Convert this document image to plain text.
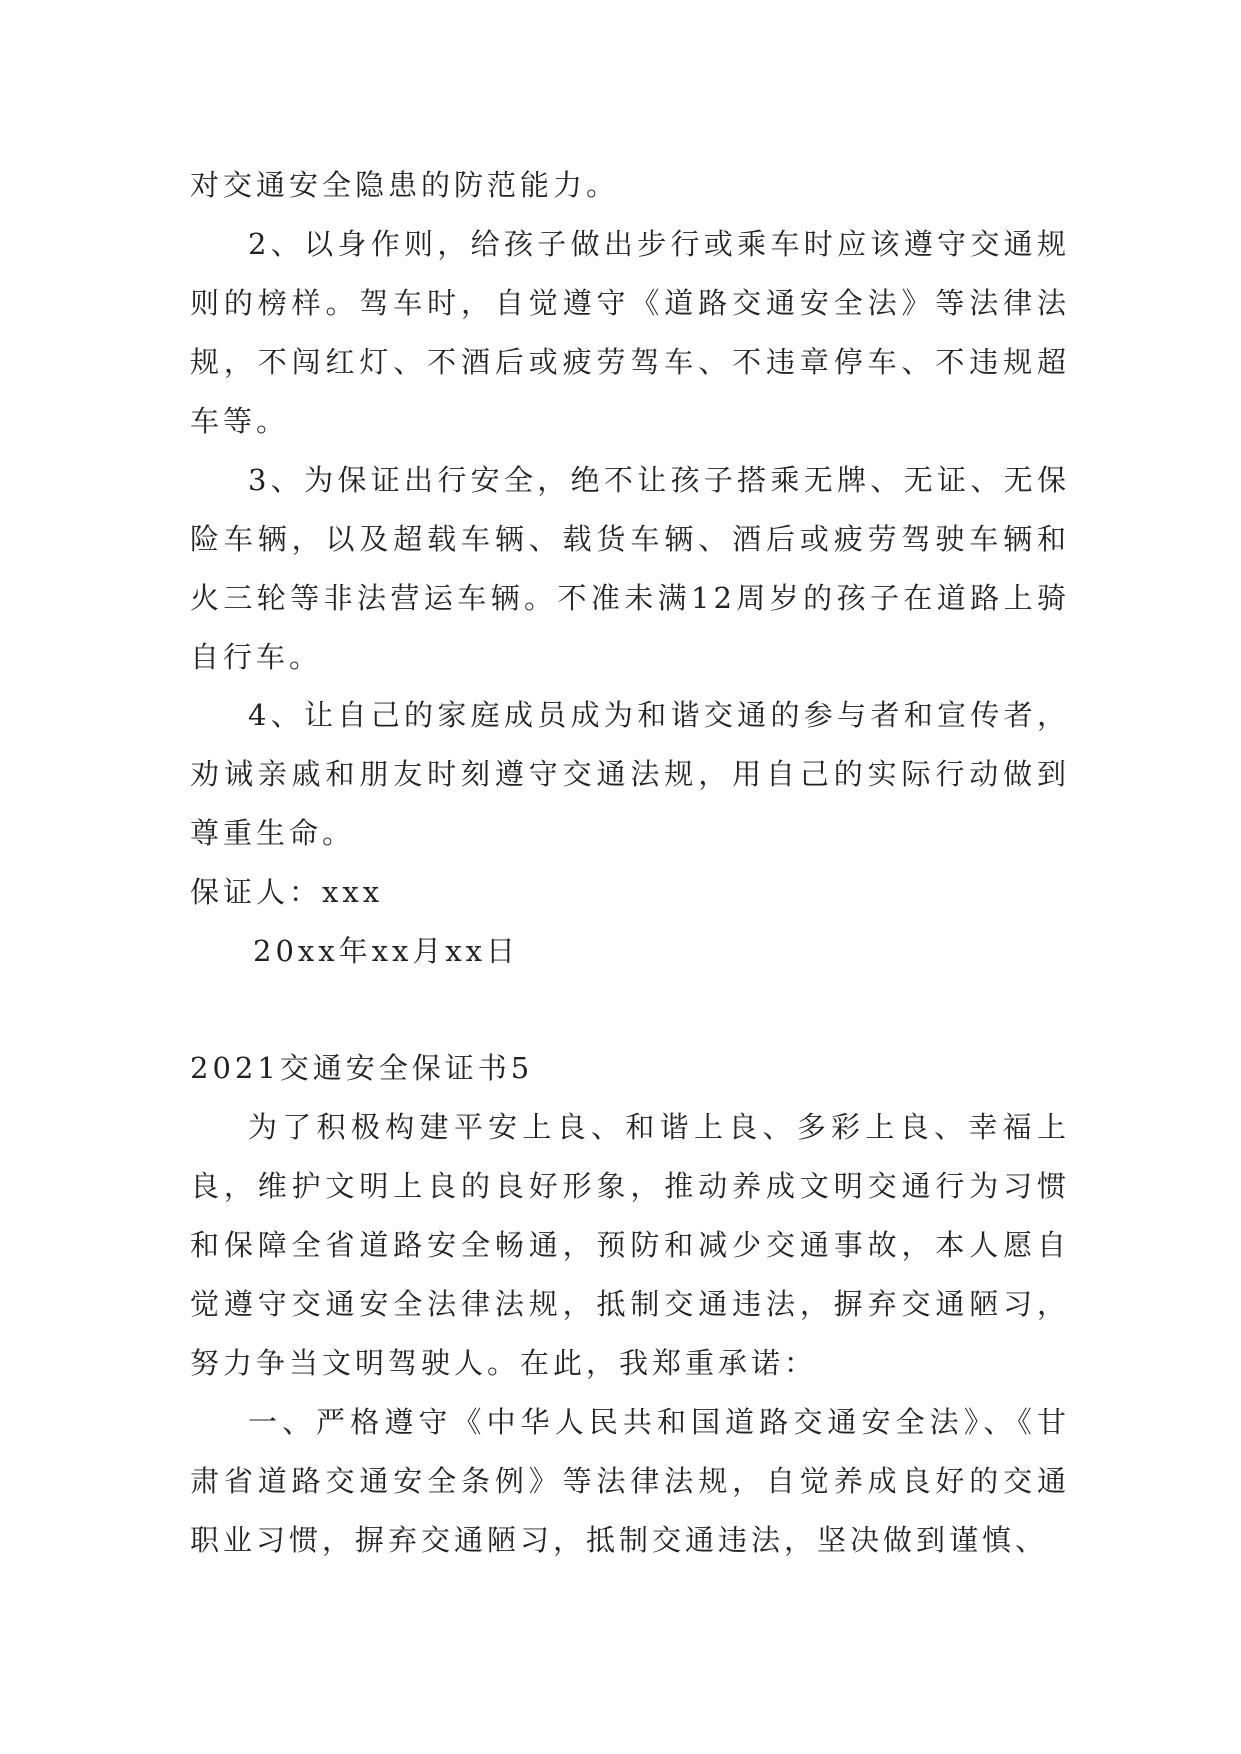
对交通安全隐患的防范能力。
2、以身作则，给孩子做出步行或乘车时应该遵守交通规则的榜样。驾车时，自觉遵守《道路交通安全法》等法律法规，不闯红灯、不酒后或疲劳驾车、不违章停车、不违规超车等。
3、为保证出行安全，绝不让孩子搭乘无牌、无证、无保险车辆，以及超载车辆、载货车辆、酒后或疲劳驾驶车辆和火三轮等非法营运车辆。不准未满12周岁的孩子在道路上骑自行车。
4、让自己的家庭成员成为和谐交通的参与者和宣传者，劝诫亲戚和朋友时刻遵守交通法规，用自己的实际行动做到尊重生命。
保证人：xxx
20xx年xx月xx日
2021交通安全保证书5
为了积极构建平安上良、和谐上良、多彩上良、幸福上良，维护文明上良的良好形象，推动养成文明交通行为习惯和保障全省道路安全畅通，预防和减少交通事故，本人愿自觉遵守交通安全法律法规，抵制交通违法，摒弃交通陋习，努力争当文明驾驶人。在此，我郑重承诺：
一、严格遵守《中华人民共和国道路交通安全法》、《甘肃省道路交通安全条例》等法律法规，自觉养成良好的交通职业习惯，摒弃交通陋习，抵制交通违法，坚决做到谨慎、
